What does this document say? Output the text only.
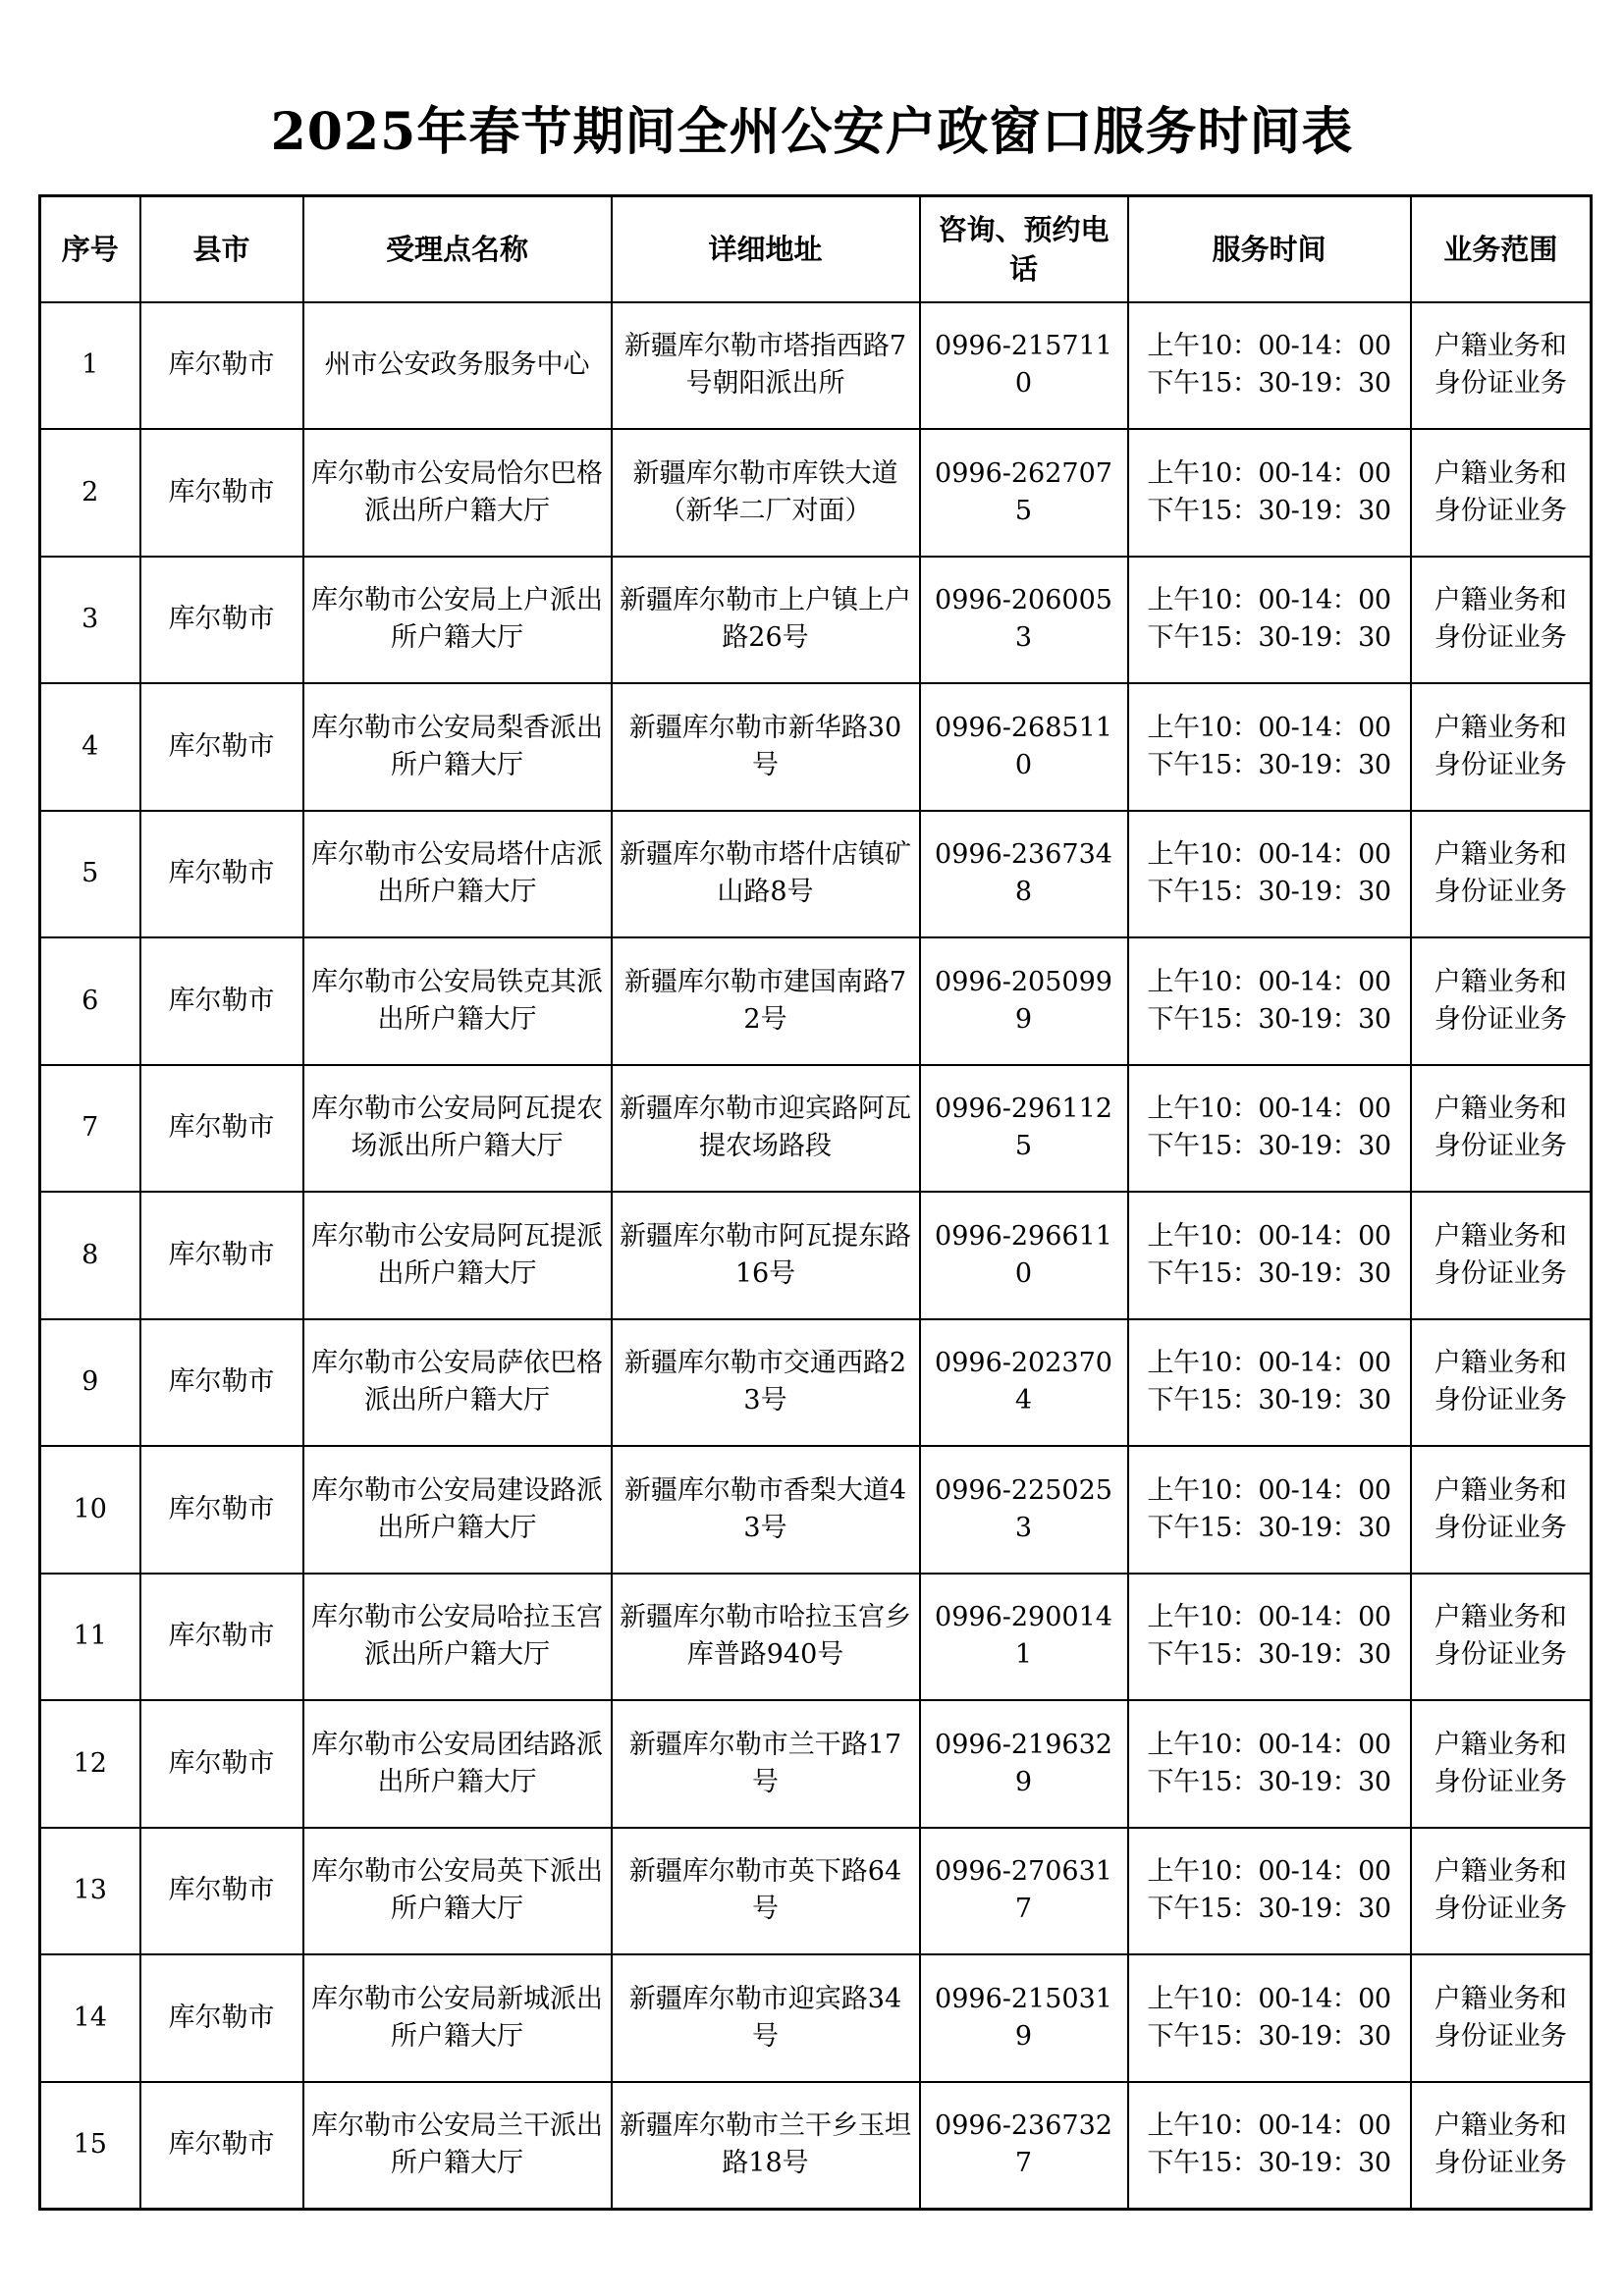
2025年春节期间全州公安户政窗口服务时间表
序号	县市	受理点名称	详细地址	咨询、预约电话	服务时间	业务范围
1	库尔勒市	州市公安政务服务中心	新疆库尔勒市塔指西路7号朝阳派出所	0996-2157110	上午10：00-14：00
下午15：30-19：30	户籍业务和
身份证业务

2	库尔勒市	库尔勒市公安局恰尔巴格派出所户籍大厅	新疆库尔勒市库铁大道（新华二厂对面）	0996-2627075	上午10：00-14：00
下午15：30-19：30	户籍业务和
身份证业务

3	库尔勒市	库尔勒市公安局上户派出所户籍大厅	新疆库尔勒市上户镇上户路26号	0996-2060053	上午10：00-14：00
下午15：30-19：30	户籍业务和
身份证业务

4	库尔勒市	库尔勒市公安局梨香派出所户籍大厅	新疆库尔勒市新华路30号	0996-2685110	上午10：00-14：00
下午15：30-19：30	户籍业务和
身份证业务

5	库尔勒市	库尔勒市公安局塔什店派出所户籍大厅	新疆库尔勒市塔什店镇矿山路8号	0996-2367348	上午10：00-14：00
下午15：30-19：30	户籍业务和
身份证业务

6	库尔勒市	库尔勒市公安局铁克其派出所户籍大厅	新疆库尔勒市建国南路72号	0996-2050999	上午10：00-14：00
下午15：30-19：30	户籍业务和
身份证业务

7	库尔勒市	库尔勒市公安局阿瓦提农场派出所户籍大厅	新疆库尔勒市迎宾路阿瓦提农场路段	0996-2961125	上午10：00-14：00
下午15：30-19：30	户籍业务和
身份证业务

8	库尔勒市	库尔勒市公安局阿瓦提派出所户籍大厅	新疆库尔勒市阿瓦提东路16号	0996-2966110	上午10：00-14：00
下午15：30-19：30	户籍业务和
身份证业务

9	库尔勒市	库尔勒市公安局萨依巴格派出所户籍大厅	新疆库尔勒市交通西路23号	0996-2023704	上午10：00-14：00
下午15：30-19：30	户籍业务和
身份证业务

10	库尔勒市	库尔勒市公安局建设路派出所户籍大厅	新疆库尔勒市香梨大道43号	0996-2250253	上午10：00-14：00
下午15：30-19：30	户籍业务和
身份证业务

11	库尔勒市	库尔勒市公安局哈拉玉宫派出所户籍大厅	新疆库尔勒市哈拉玉宫乡库普路940号	0996-2900141	上午10：00-14：00
下午15：30-19：30	户籍业务和
身份证业务

12	库尔勒市	库尔勒市公安局团结路派出所户籍大厅	新疆库尔勒市兰干路17号	0996-2196329	上午10：00-14：00
下午15：30-19：30	户籍业务和
身份证业务

13	库尔勒市	库尔勒市公安局英下派出所户籍大厅	新疆库尔勒市英下路64号	0996-2706317	上午10：00-14：00
下午15：30-19：30	户籍业务和
身份证业务

14	库尔勒市	库尔勒市公安局新城派出所户籍大厅	新疆库尔勒市迎宾路34号	0996-2150319	上午10：00-14：00
下午15：30-19：30	户籍业务和
身份证业务

15	库尔勒市	库尔勒市公安局兰干派出所户籍大厅	新疆库尔勒市兰干乡玉坦路18号	0996-2367327	上午10：00-14：00
下午15：30-19：30	户籍业务和
身份证业务
